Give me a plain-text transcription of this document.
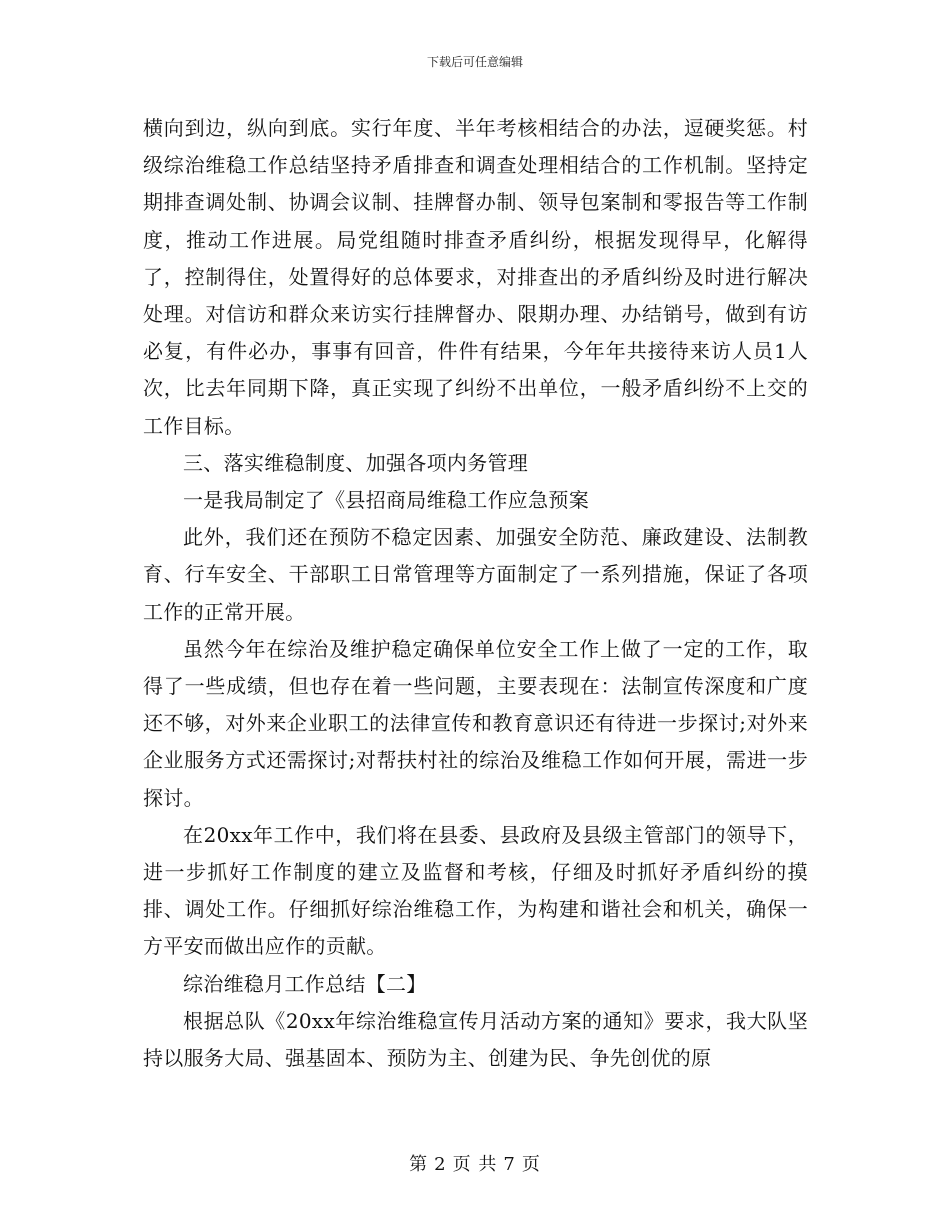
下载后可任意编辑

横向到边，纵向到底。实行年度、半年考核相结合的办法，逗硬奖惩。村级综治维稳工作总结坚持矛盾排查和调查处理相结合的工作机制。坚持定期排查调处制、协调会议制、挂牌督办制、领导包案制和零报告等工作制度，推动工作进展。局党组随时排查矛盾纠纷，根据发现得早，化解得了，控制得住，处置得好的总体要求，对排查出的矛盾纠纷及时进行解决处理。对信访和群众来访实行挂牌督办、限期办理、办结销号，做到有访必复，有件必办，事事有回音，件件有结果，今年年共接待来访人员1人次，比去年同期下降，真正实现了纠纷不出单位，一般矛盾纠纷不上交的工作目标。

三、落实维稳制度、加强各项内务管理

一是我局制定了《县招商局维稳工作应急预案

此外，我们还在预防不稳定因素、加强安全防范、廉政建设、法制教育、行车安全、干部职工日常管理等方面制定了一系列措施，保证了各项工作的正常开展。

虽然今年在综治及维护稳定确保单位安全工作上做了一定的工作，取得了一些成绩，但也存在着一些问题，主要表现在：法制宣传深度和广度还不够，对外来企业职工的法律宣传和教育意识还有待进一步探讨;对外来企业服务方式还需探讨;对帮扶村社的综治及维稳工作如何开展，需进一步探讨。

在20xx年工作中，我们将在县委、县政府及县级主管部门的领导下，进一步抓好工作制度的建立及监督和考核，仔细及时抓好矛盾纠纷的摸排、调处工作。仔细抓好综治维稳工作，为构建和谐社会和机关，确保一方平安而做出应作的贡献。

综治维稳月工作总结【二】

根据总队《20xx年综治维稳宣传月活动方案的通知》要求，我大队坚持以服务大局、强基固本、预防为主、创建为民、争先创优的原

第 2 页 共 7 页
